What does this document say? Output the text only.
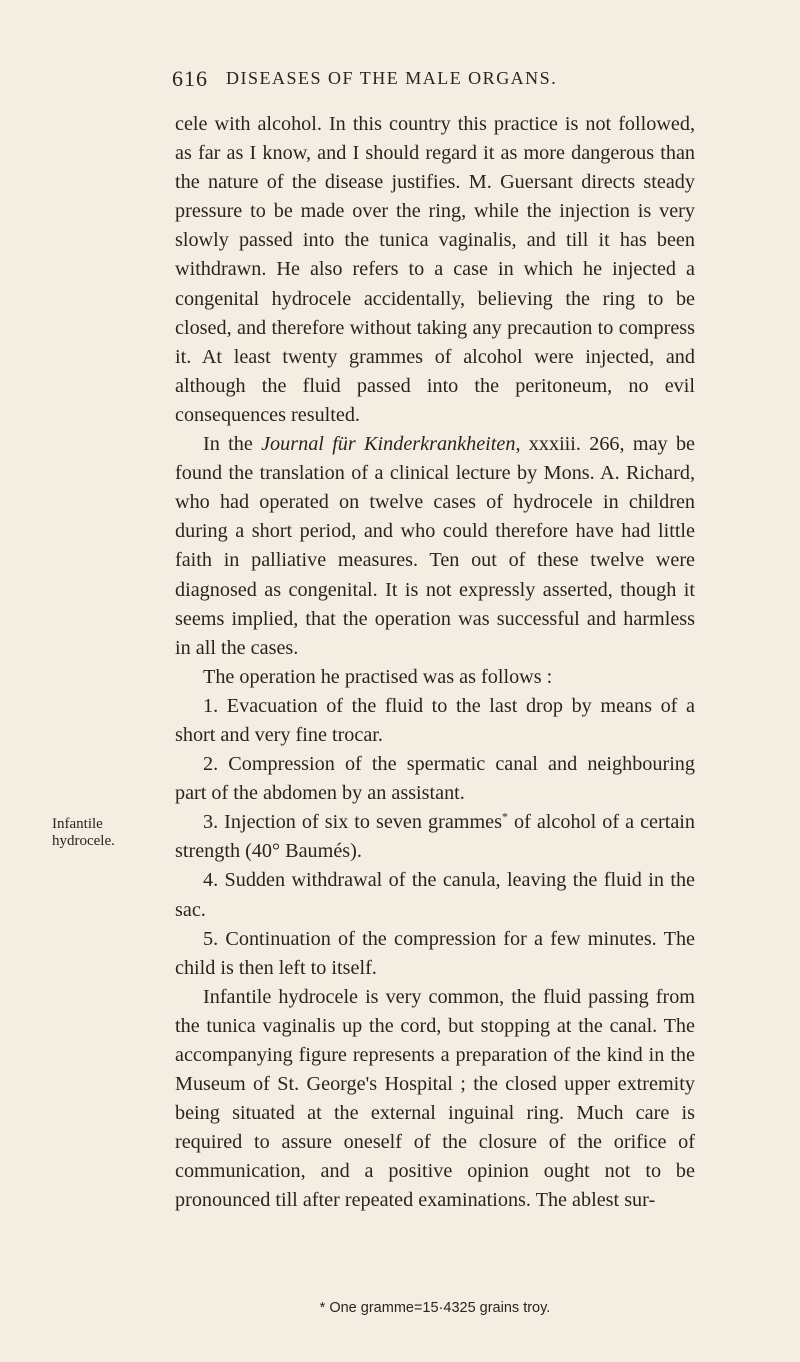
616 DISEASES OF THE MALE ORGANS.

cele with alcohol. In this country this practice is not followed, as far as I know, and I should regard it as more dangerous than the nature of the disease justifies. M. Guersant directs steady pressure to be made over the ring, while the injection is very slowly passed into the tunica vaginalis, and till it has been withdrawn. He also refers to a case in which he injected a congenital hydrocele accidentally, believing the ring to be closed, and therefore without taking any precaution to compress it. At least twenty grammes of alcohol were injected, and although the fluid passed into the peritoneum, no evil consequences resulted.

In the Journal für Kinderkrankheiten, xxxiii. 266, may be found the translation of a clinical lecture by Mons. A. Richard, who had operated on twelve cases of hydrocele in children during a short period, and who could therefore have had little faith in palliative measures. Ten out of these twelve were diagnosed as congenital. It is not expressly asserted, though it seems implied, that the operation was successful and harmless in all the cases.

The operation he practised was as follows :

1. Evacuation of the fluid to the last drop by means of a short and very fine trocar.

2. Compression of the spermatic canal and neighbouring part of the abdomen by an assistant.

3. Injection of six to seven grammes* of alcohol of a certain strength (40° Baumés).

4. Sudden withdrawal of the canula, leaving the fluid in the sac.

5. Continuation of the compression for a few minutes. The child is then left to itself.

Infantile hydrocele is very common, the fluid passing from the tunica vaginalis up the cord, but stopping at the canal. The accompanying figure represents a preparation of the kind in the Museum of St. George's Hospital ; the closed upper extremity being situated at the external inguinal ring. Much care is required to assure oneself of the closure of the orifice of communication, and a positive opinion ought not to be pronounced till after repeated examinations. The ablest sur-

Infantile
hydrocele.
* One gramme=15·4325 grains troy.
